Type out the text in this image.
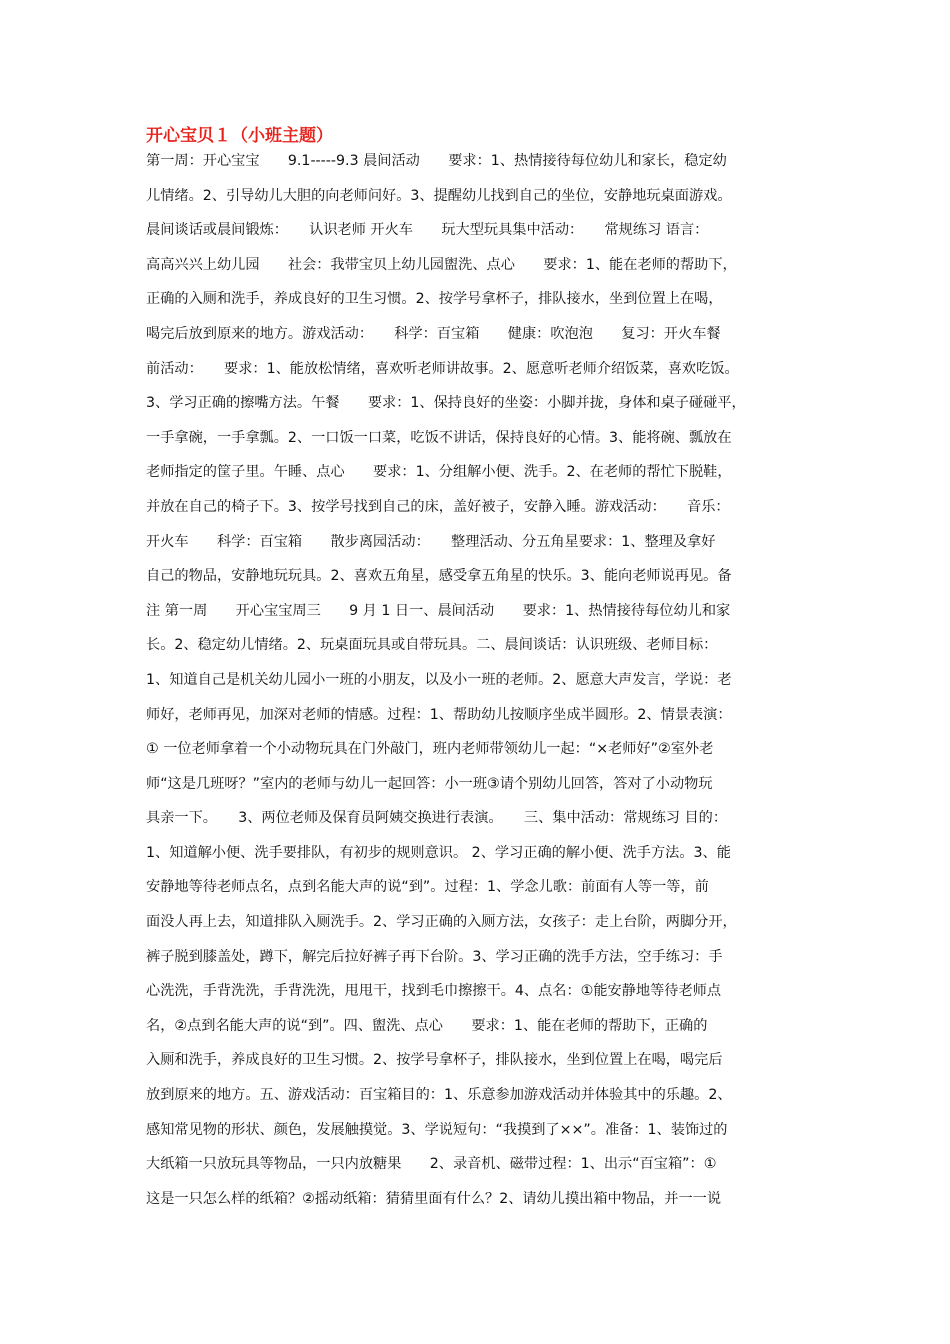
开心宝贝１（小班主题）
第一周：开心宝宝　　9.1-----9.3 晨间活动　　要求：1、热情接待每位幼儿和家长，稳定幼
儿情绪。2、引导幼儿大胆的向老师问好。3、提醒幼儿找到自己的坐位，安静地玩桌面游戏。
晨间谈话或晨间锻炼：　　认识老师 开火车　　玩大型玩具集中活动：　　常规练习 语言：
高高兴兴上幼儿园　　社会：我带宝贝上幼儿园盥洗、点心　　要求：1、能在老师的帮助下，
正确的入厕和洗手，养成良好的卫生习惯。2、按学号拿杯子，排队接水，坐到位置上在喝，
喝完后放到原来的地方。游戏活动：　　科学：百宝箱　　健康：吹泡泡　　复习：开火车餐
前活动：　　要求：1、能放松情绪，喜欢听老师讲故事。2、愿意听老师介绍饭菜，喜欢吃饭。
3、学习正确的擦嘴方法。午餐　　要求：1、保持良好的坐姿：小脚并拢，身体和桌子碰碰平，
一手拿碗，一手拿瓢。2、一口饭一口菜，吃饭不讲话，保持良好的心情。3、能将碗、瓢放在
老师指定的筐子里。午睡、点心　　要求：1、分组解小便、洗手。2、在老师的帮忙下脱鞋，
并放在自己的椅子下。3、按学号找到自己的床，盖好被子，安静入睡。游戏活动：　　音乐：
开火车　　科学：百宝箱　　散步离园活动：　　整理活动、分五角星要求：1、整理及拿好
自己的物品，安静地玩玩具。2、喜欢五角星，感受拿五角星的快乐。3、能向老师说再见。备
注 第一周　　开心宝宝周三　　9 月 1 日一、晨间活动　　要求：1、热情接待每位幼儿和家
长。2、稳定幼儿情绪。2、玩桌面玩具或自带玩具。二、晨间谈话：认识班级、老师目标：
1、知道自己是机关幼儿园小一班的小朋友，以及小一班的老师。2、愿意大声发言，学说：老
师好，老师再见，加深对老师的情感。过程：1、帮助幼儿按顺序坐成半圆形。2、情景表演：
① 一位老师拿着一个小动物玩具在门外敲门，班内老师带领幼儿一起：“×老师好”②室外老
师“这是几班呀？”室内的老师与幼儿一起回答：小一班③请个别幼儿回答，答对了小动物玩
具亲一下。　　3、两位老师及保育员阿姨交换进行表演。　　三、集中活动：常规练习 目的：
1、知道解小便、洗手要排队，有初步的规则意识。 2、学习正确的解小便、洗手方法。3、能
安静地等待老师点名，点到名能大声的说“到”。过程：1、学念儿歌：前面有人等一等，前
面没人再上去，知道排队入厕洗手。2、学习正确的入厕方法，女孩子：走上台阶，两脚分开，
裤子脱到膝盖处，蹲下，解完后拉好裤子再下台阶。3、学习正确的洗手方法，空手练习：手
心洗洗，手背洗洗，手背洗洗，甩甩干，找到毛巾擦擦干。4、点名：①能安静地等待老师点
名，②点到名能大声的说“到”。四、盥洗、点心　　要求：1、能在老师的帮助下，正确的
入厕和洗手，养成良好的卫生习惯。2、按学号拿杯子，排队接水，坐到位置上在喝，喝完后
放到原来的地方。五、游戏活动：百宝箱目的：1、乐意参加游戏活动并体验其中的乐趣。2、
感知常见物的形状、颜色，发展触摸觉。3、学说短句：“我摸到了××”。准备：1、装饰过的
大纸箱一只放玩具等物品，一只内放糖果　　2、录音机、磁带过程：1、出示“百宝箱”：①
这是一只怎么样的纸箱？②摇动纸箱：猜猜里面有什么？2、请幼儿摸出箱中物品，并一一说
